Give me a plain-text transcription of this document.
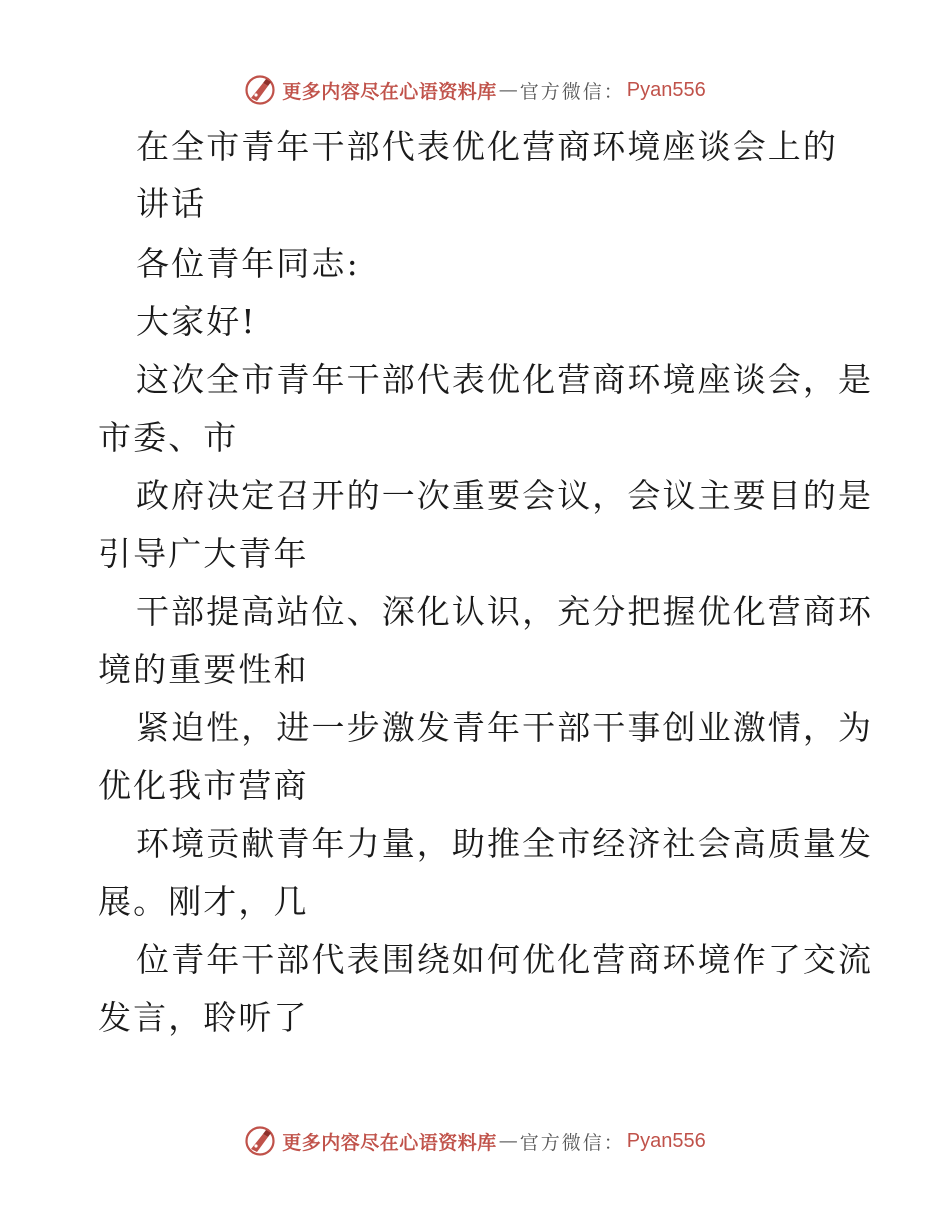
更多内容尽在心语资料库 — 官方微信： Pyan556
在全市青年干部代表优化营商环境座谈会上的
讲话
各位青年同志:
大家好!
这次全市青年干部代表优化营商环境座谈会，是
市委、市
政府决定召开的一次重要会议，会议主要目的是
引导广大青年
干部提高站位、深化认识，充分把握优化营商环
境的重要性和
紧迫性，进一步激发青年干部干事创业激情，为
优化我市营商
环境贡献青年力量，助推全市经济社会高质量发
展。刚才，几
位青年干部代表围绕如何优化营商环境作了交流
发言，聆听了
更多内容尽在心语资料库 — 官方微信： Pyan556
